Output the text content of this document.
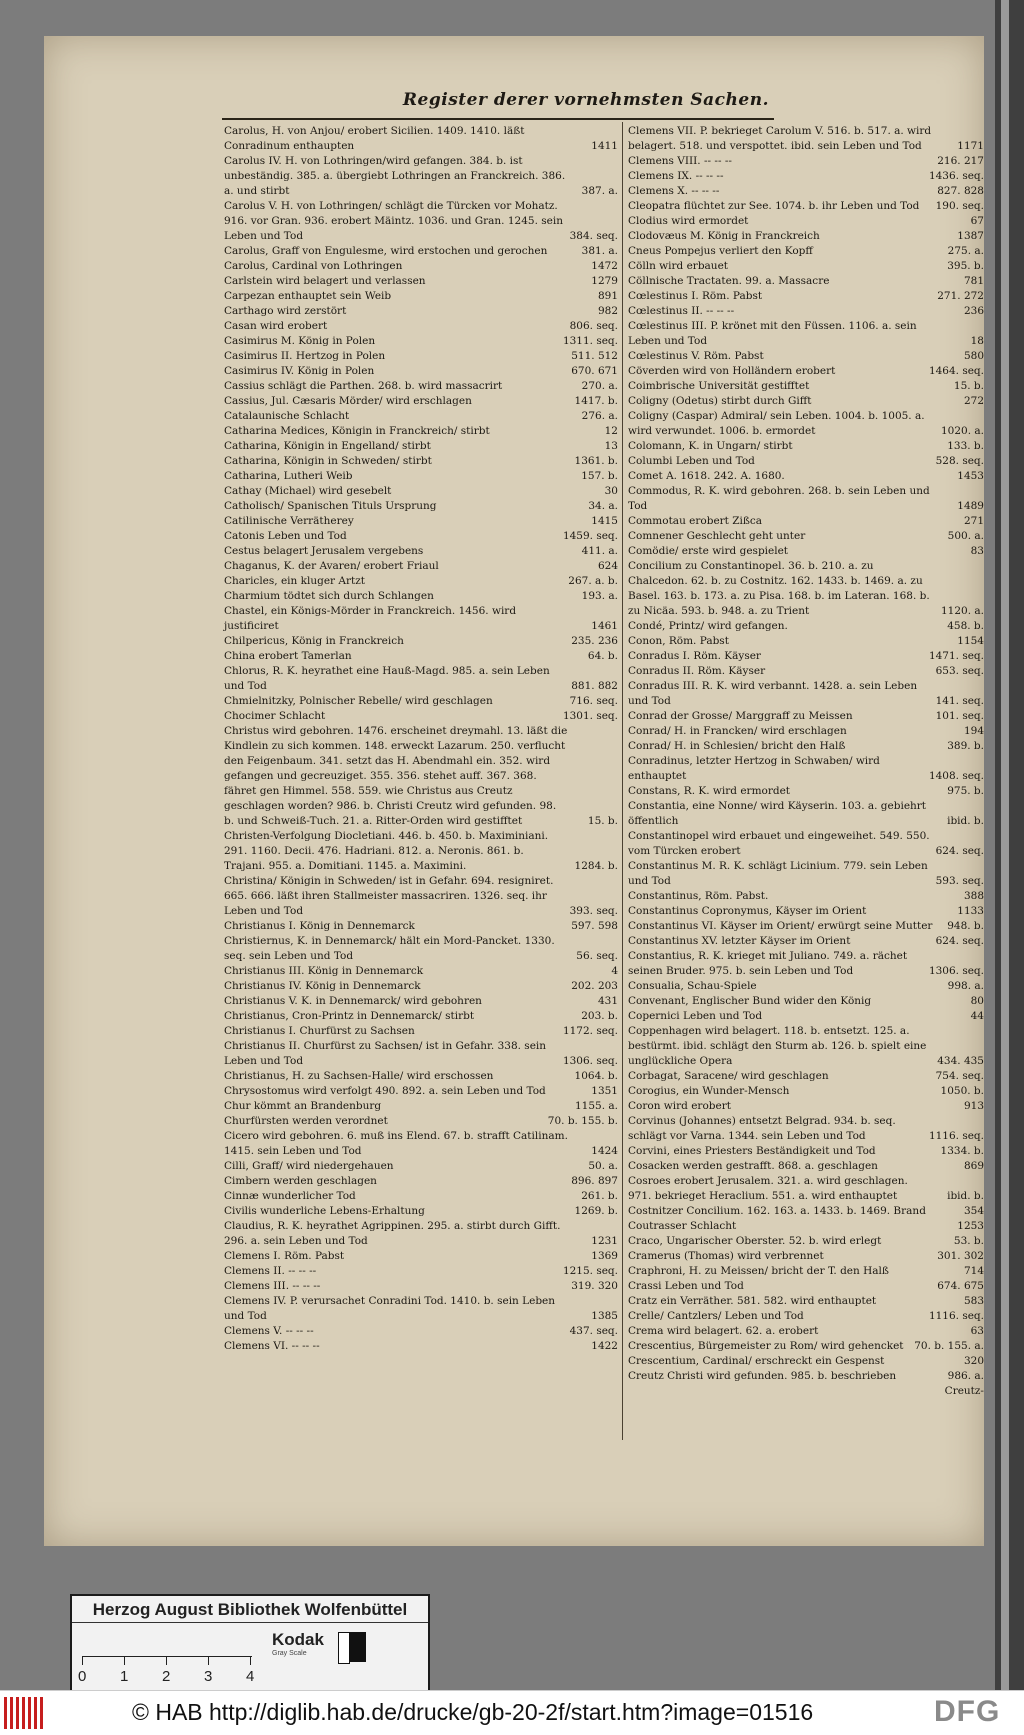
Register derer vornehmsten Sachen.
Carolus, H. von Anjou/ erobert Sicilien. 1409. 1410. läßt Conradinum enthaupten	1411
Carolus IV. H. von Lothringen/wird gefangen. 384. b. ist unbeständig. 385. a. übergiebt Lothringen an Franckreich. 386. a. und stirbt	387. a.
Carolus V. H. von Lothringen/ schlägt die Türcken vor Mohatz. 916. vor Gran. 936. erobert Mäintz. 1036. und Gran. 1245. sein Leben und Tod	384. seq.
Carolus, Graff von Engulesme, wird erstochen und gerochen	381. a.
Carolus, Cardinal von Lothringen	1472
Carlstein wird belagert und verlassen	1279
Carpezan enthauptet sein Weib	891
Carthago wird zerstört	982
Casan wird erobert	806. seq.
Casimirus M. König in Polen	1311. seq.
Casimirus II. Hertzog in Polen	511. 512
Casimirus IV. König in Polen	670. 671
Cassius schlägt die Parthen. 268. b. wird massacrirt	270. a.
Cassius, Jul. Cæsaris Mörder/ wird erschlagen	1417. b.
Catalaunische Schlacht	276. a.
Catharina Medices, Königin in Franckreich/ stirbt	12
Catharina, Königin in Engelland/ stirbt	13
Catharina, Königin in Schweden/ stirbt	1361. b.
Catharina, Lutheri Weib	157. b.
Cathay (Michael) wird gesebelt	30
Catholisch/ Spanischen Tituls Ursprung	34. a.
Catilinische Verrätherey	1415
Catonis Leben und Tod	1459. seq.
Cestus belagert Jerusalem vergebens	411. a.
Chaganus, K. der Avaren/ erobert Friaul	624
Charicles, ein kluger Artzt	267. a. b.
Charmium tödtet sich durch Schlangen	193. a.
Chastel, ein Königs-Mörder in Franckreich. 1456. wird justificiret	1461
Chilpericus, König in Franckreich	235. 236
China erobert Tamerlan	64. b.
Chlorus, R. K. heyrathet eine Hauß-Magd. 985. a. sein Leben und Tod	881. 882
Chmielnitzky, Polnischer Rebelle/ wird geschlagen	716. seq.
Chocimer Schlacht	1301. seq.
Christus wird gebohren. 1476. erscheinet dreymahl. 13. läßt die Kindlein zu sich kommen. 148. erweckt Lazarum. 250. verflucht den Feigenbaum. 341. setzt das H. Abendmahl ein. 352. wird gefangen und gecreuziget. 355. 356. stehet auff. 367. 368. fähret gen Himmel. 558. 559. wie Christus aus Creutz geschlagen worden? 986. b. Christi Creutz wird gefunden. 98. b. und Schweiß-Tuch. 21. a. Ritter-Orden wird gestifftet	15. b.
Christen-Verfolgung Diocletiani. 446. b. 450. b. Maximiniani. 291. 1160. Decii. 476. Hadriani. 812. a. Neronis. 861. b. Trajani. 955. a. Domitiani. 1145. a. Maximini.	1284. b.
Christina/ Königin in Schweden/ ist in Gefahr. 694. resigniret. 665. 666. läßt ihren Stallmeister massacriren. 1326. seq. ihr Leben und Tod	393. seq.
Christianus I. König in Dennemarck	597. 598
Christiernus, K. in Dennemarck/ hält ein Mord-Pancket. 1330. seq. sein Leben und Tod	56. seq.
Christianus III. König in Dennemarck	4
Christianus IV. König in Dennemarck	202. 203
Christianus V. K. in Dennemarck/ wird gebohren	431
Christianus, Cron-Printz in Dennemarck/ stirbt	203. b.
Christianus I. Churfürst zu Sachsen	1172. seq.
Christianus II. Churfürst zu Sachsen/ ist in Gefahr. 338. sein Leben und Tod	1306. seq.
Christianus, H. zu Sachsen-Halle/ wird erschossen	1064. b.
Chrysostomus wird verfolgt 490. 892. a. sein Leben und Tod	1351
Chur kömmt an Brandenburg	1155. a.
Churfürsten werden verordnet	70. b. 155. b.
Cicero wird gebohren. 6. muß ins Elend. 67. b. strafft Catilinam. 1415. sein Leben und Tod	1424
Cilli, Graff/ wird niedergehauen	50. a.
Cimbern werden geschlagen	896. 897
Cinnæ wunderlicher Tod	261. b.
Civilis wunderliche Lebens-Erhaltung	1269. b.
Claudius, R. K. heyrathet Agrippinen. 295. a. stirbt durch Gifft. 296. a. sein Leben und Tod	1231
Clemens I. Röm. Pabst	1369
Clemens II. -- -- --	1215. seq.
Clemens III. -- -- --	319. 320
Clemens IV. P. verursachet Conradini Tod. 1410. b. sein Leben und Tod	1385
Clemens V. -- -- --	437. seq.
Clemens VI. -- -- --	1422
Clemens VII. P. bekrieget Carolum V. 516. b. 517. a. wird belagert. 518. und verspottet. ibid. sein Leben und Tod	1171
Clemens VIII. -- -- --	216. 217
Clemens IX. -- -- --	1436. seq.
Clemens X. -- -- --	827. 828
Cleopatra flüchtet zur See. 1074. b. ihr Leben und Tod	190. seq.
Clodius wird ermordet	67
Clodovæus M. König in Franckreich	1387
Cneus Pompejus verliert den Kopff	275. a.
Cölln wird erbauet	395. b.
Cöllnische Tractaten. 99. a. Massacre	781
Cœlestinus I. Röm. Pabst	271. 272
Cœlestinus II. -- -- --	236
Cœlestinus III. P. krönet mit den Füssen. 1106. a. sein Leben und Tod	18
Cœlestinus V. Röm. Pabst	580
Cöverden wird von Holländern erobert	1464. seq.
Coimbrische Universität gestifftet	15. b.
Coligny (Odetus) stirbt durch Gifft	272
Coligny (Caspar) Admiral/ sein Leben. 1004. b. 1005. a. wird verwundet. 1006. b. ermordet	1020. a.
Colomann, K. in Ungarn/ stirbt	133. b.
Columbi Leben und Tod	528. seq.
Comet A. 1618. 242. A. 1680.	1453
Commodus, R. K. wird gebohren. 268. b. sein Leben und Tod	1489
Commotau erobert Zißca	271
Comnener Geschlecht geht unter	500. a.
Comödie/ erste wird gespielet	83
Concilium zu Constantinopel. 36. b. 210. a. zu Chalcedon. 62. b. zu Costnitz. 162. 1433. b. 1469. a. zu Basel. 163. b. 173. a. zu Pisa. 168. b. im Lateran. 168. b. zu Nicäa. 593. b. 948. a. zu Trient	1120. a.
Condé, Printz/ wird gefangen.	458. b.
Conon, Röm. Pabst	1154
Conradus I. Röm. Käyser	1471. seq.
Conradus II. Röm. Käyser	653. seq.
Conradus III. R. K. wird verbannt. 1428. a. sein Leben und Tod	141. seq.
Conrad der Grosse/ Marggraff zu Meissen	101. seq.
Conrad/ H. in Francken/ wird erschlagen	194
Conrad/ H. in Schlesien/ bricht den Halß	389. b.
Conradinus, letzter Hertzog in Schwaben/ wird enthauptet	1408. seq.
Constans, R. K. wird ermordet	975. b.
Constantia, eine Nonne/ wird Käyserin. 103. a. gebiehrt öffentlich	ibid. b.
Constantinopel wird erbauet und eingeweihet. 549. 550. vom Türcken erobert	624. seq.
Constantinus M. R. K. schlägt Licinium. 779. sein Leben und Tod	593. seq.
Constantinus, Röm. Pabst.	388
Constantinus Copronymus, Käyser im Orient	1133
Constantinus VI. Käyser im Orient/ erwürgt seine Mutter 948. b.
Constantinus XV. letzter Käyser im Orient	624. seq.
Constantius, R. K. krieget mit Juliano. 749. a. rächet seinen Bruder. 975. b. sein Leben und Tod	1306. seq.
Consualia, Schau-Spiele	998. a.
Convenant, Englischer Bund wider den König	80
Copernici Leben und Tod	44
Coppenhagen wird belagert. 118. b. entsetzt. 125. a. bestürmt. ibid. schlägt den Sturm ab. 126. b. spielt eine unglückliche Opera	434. 435
Corbagat, Saracene/ wird geschlagen	754. seq.
Corogius, ein Wunder-Mensch	1050. b.
Coron wird erobert	913
Corvinus (Johannes) entsetzt Belgrad. 934. b. seq. schlägt vor Varna. 1344. sein Leben und Tod	1116. seq.
Corvini, eines Priesters Beständigkeit und Tod	1334. b.
Cosacken werden gestrafft. 868. a. geschlagen	869
Cosroes erobert Jerusalem. 321. a. wird geschlagen. 971. bekrieget Heraclium. 551. a. wird enthauptet	ibid. b.
Costnitzer Concilium. 162. 163. a. 1433. b. 1469. Brand	354
Coutrasser Schlacht	1253
Craco, Ungarischer Oberster. 52. b. wird erlegt	53. b.
Cramerus (Thomas) wird verbrennet	301. 302
Craphroni, H. zu Meissen/ bricht der T. den Halß	714
Crassi Leben und Tod	674. 675
Cratz ein Verräther. 581. 582. wird enthauptet	583
Crelle/ Cantzlers/ Leben und Tod	1116. seq.
Crema wird belagert. 62. a. erobert	63
Crescentius, Bürgemeister zu Rom/ wird gehencket	70. b. 155. a.
Crescentium, Cardinal/ erschreckt ein Gespenst	320
Creutz Christi wird gefunden. 985. b. beschrieben	986. a.
Creutz-
Herzog August Bibliothek Wolfenbüttel
Kodak
Gray Scale
0 1 2 3 4
© HAB http://diglib.hab.de/drucke/gb-20-2f/start.htm?image=01516	DFG
